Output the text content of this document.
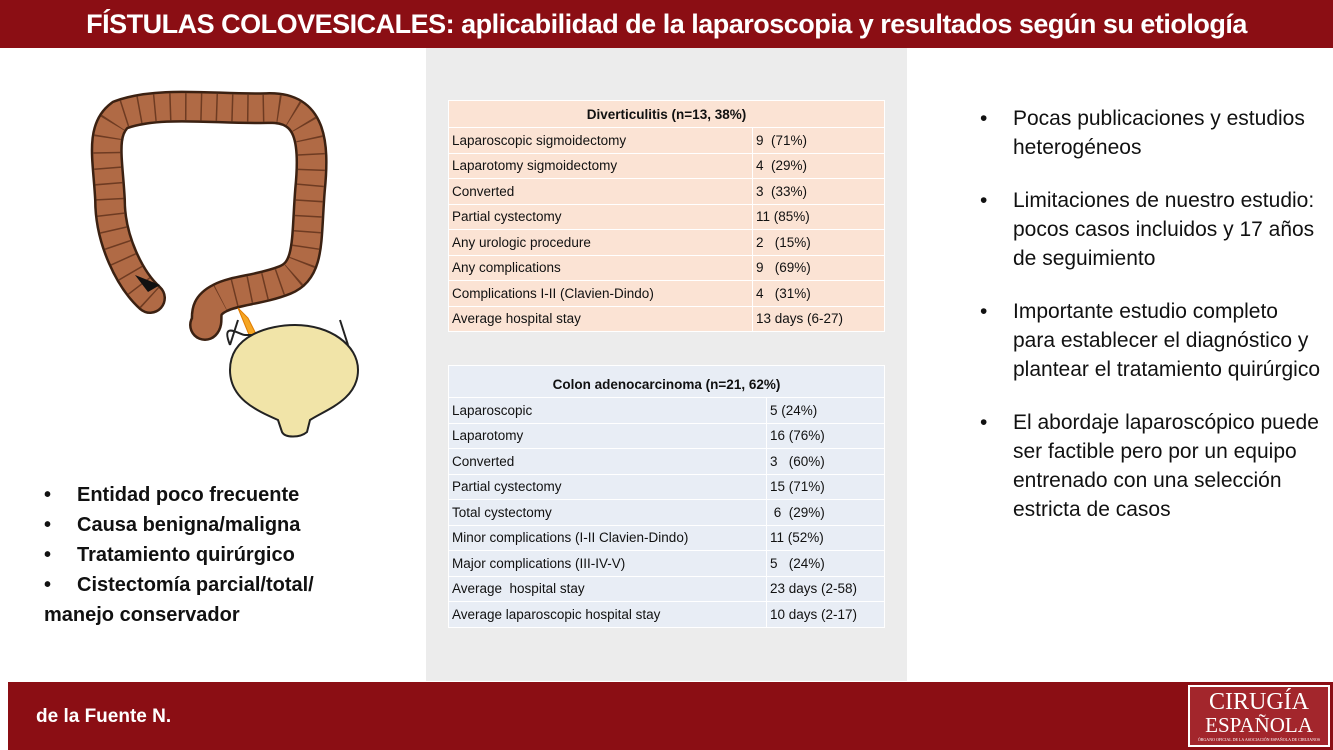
FÍSTULAS COLOVESICALES: aplicabilidad de la laparoscopia y resultados según su etiología
Diverticulitis (n=13, 38%)	
Laparoscopic sigmoidectomy	9  (71%)
Laparotomy sigmoidectomy	4  (29%)
Converted	3  (33%)
Partial cystectomy	11 (85%)
Any urologic procedure	2   (15%)
Any complications	9   (69%)
Complications I-II (Clavien-Dindo)	4   (31%)
Average hospital stay	13 days (6-27)
Colon adenocarcinoma (n=21, 62%)	
Laparoscopic	5 (24%)
Laparotomy	16 (76%)
Converted	3   (60%)
Partial cystectomy	15 (71%)
Total cystectomy	6  (29%)
Minor complications (I-II Clavien-Dindo)	11 (52%)
Major complications (III-IV-V)	5   (24%)
Average  hospital stay	23 days (2-58)
Average laparoscopic hospital stay	10 days (2-17)
•	Entidad poco frecuente
•	Causa benigna/maligna
•	Tratamiento quirúrgico
•	Cistectomía parcial/total/
manejo conservador
•	Pocas publicaciones y estudios heterogéneos
•	Limitaciones de nuestro estudio: pocos casos incluidos y 17 años de seguimiento
•	Importante estudio completo para establecer el diagnóstico y plantear el tratamiento quirúrgico
•	El abordaje laparoscópico puede ser factible pero por un equipo entrenado con una selección estricta de casos
de la Fuente N.
CIRUGÍA
ESPAÑOLA
ÓRGANO OFICIAL DE LA ASOCIACIÓN ESPAÑOLA DE CIRUJANOS
